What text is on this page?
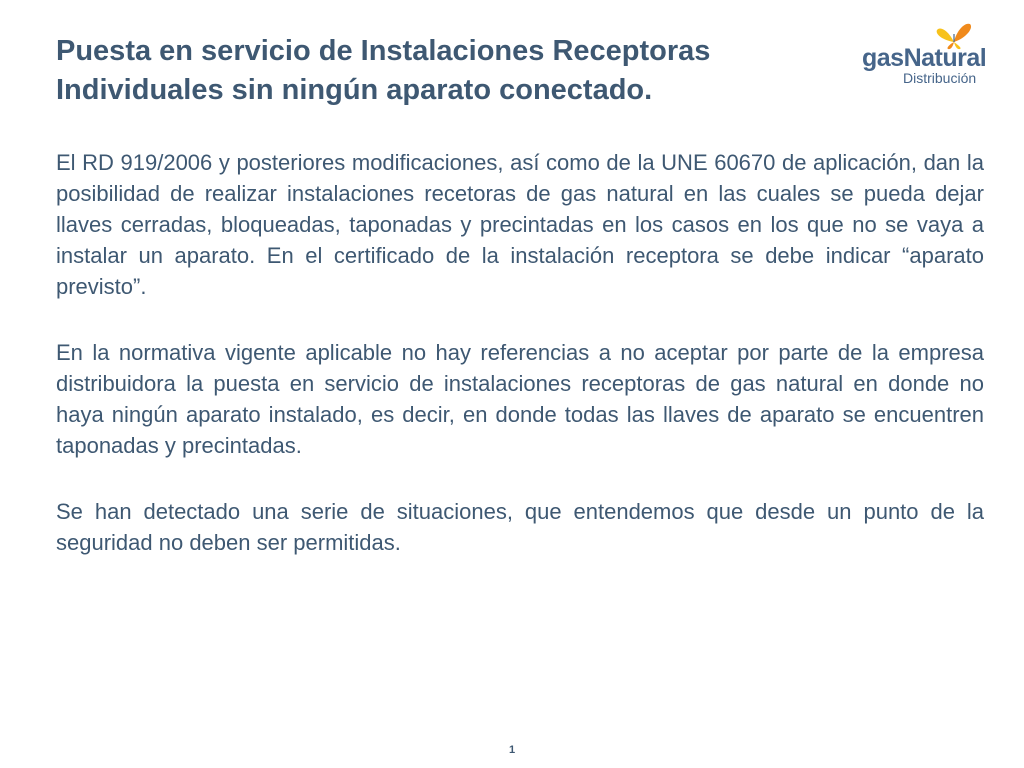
Puesta en servicio de Instalaciones Receptoras
Individuales sin ningún aparato conectado.
gasNatural
Distribución

El RD 919/2006 y posteriores modificaciones, así como de la UNE 60670 de aplicación, dan la posibilidad de realizar instalaciones recetoras de gas natural en las cuales se pueda dejar llaves cerradas, bloqueadas, taponadas y precintadas en los casos en los que no se vaya a instalar un aparato. En el certificado de la instalación receptora se debe indicar “aparato previsto”.

En la normativa vigente aplicable no hay referencias a no aceptar por parte de la empresa distribuidora la puesta en servicio de instalaciones receptoras de gas natural en donde no haya ningún aparato instalado, es decir, en donde todas las llaves de aparato se encuentren taponadas y precintadas.

Se han detectado una serie de situaciones, que entendemos que desde un punto de la seguridad no deben ser permitidas.

1
